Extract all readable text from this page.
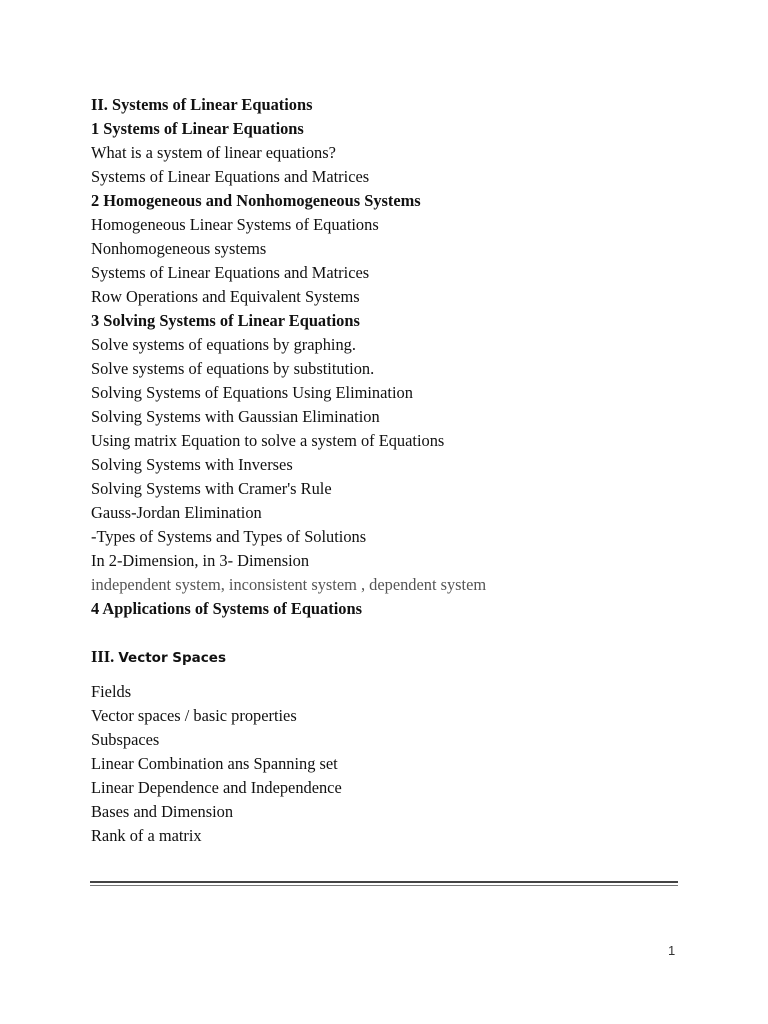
II. Systems of Linear Equations
1 Systems of Linear Equations
What is a system of linear equations?
Systems of Linear Equations and Matrices
2 Homogeneous and Nonhomogeneous Systems
Homogeneous Linear Systems of Equations
Nonhomogeneous systems
Systems of Linear Equations and Matrices
Row Operations and Equivalent Systems
3 Solving Systems of Linear Equations
Solve systems of equations by graphing.
Solve systems of equations by substitution.
Solving Systems of Equations Using Elimination
Solving Systems with Gaussian Elimination
Using matrix Equation to solve a system of Equations
Solving Systems with Inverses
Solving Systems with Cramer's Rule
Gauss-Jordan Elimination
-Types of Systems and Types of Solutions
In 2-Dimension, in 3- Dimension
independent system, inconsistent system , dependent system
4 Applications of Systems of Equations
III. Vector Spaces
Fields
Vector spaces / basic properties
Subspaces
Linear Combination ans Spanning set
Linear Dependence and Independence
Bases and Dimension
Rank of a matrix
1
